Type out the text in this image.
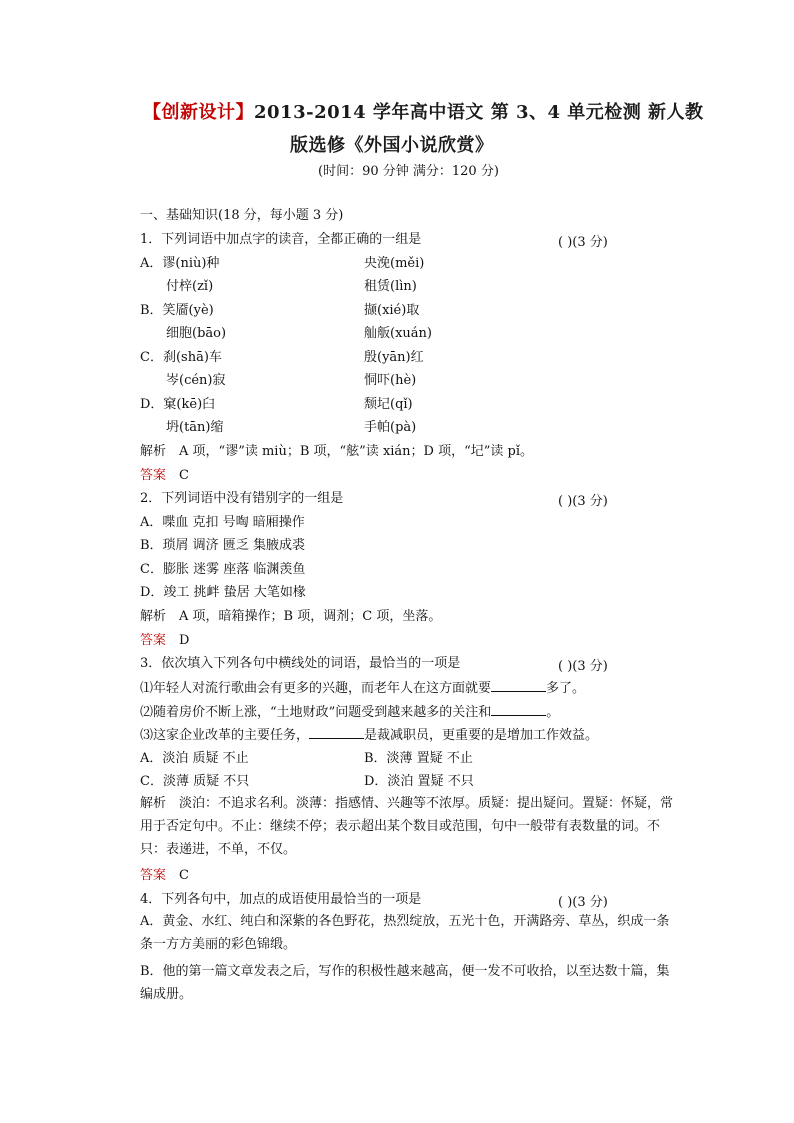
【创新设计】2013-2014 学年高中语文 第 3、4 单元检测 新人教
版选修《外国小说欣赏》
(时间：90 分钟 满分：120 分)
一、基础知识(18 分，每小题 3 分)
1．下列词语中加点字的读音，全都正确的一组是	( )(3 分)
A．谬(niù)种	央浼(měi)
付梓(zǐ)	租赁(lìn)
B．笑靥(yè)	撷(xié)取
细胞(bāo)	舢舨(xuán)
C．刹(shā)车	殷(yān)红
岑(cén)寂	恫吓(hè)
D．窠(kē)臼	颓圮(qǐ)
坍(tān)缩	手帕(pà)
解析　 A 项，“谬”读 miù；B 项，“舷”读 xián；D 项，“圮”读 pǐ。
答案　 C
2．下列词语中没有错别字的一组是	( )(3 分)
A．喋血 克扣 号啕 暗厢操作
B．琐屑 调济 匮乏 集腋成裘
C．膨胀 迷雾 座落 临渊羡鱼
D．竣工 挑衅 蛰居 大笔如椽
解析　 A 项，暗箱操作；B 项，调剂；C 项，坐落。
答案　 D
3．依次填入下列各句中横线处的词语，最恰当的一项是	( )(3 分)
⑴年轻人对流行歌曲会有更多的兴趣，而老年人在这方面就要	多了。
⑵随着房价不断上涨，“土地财政”问题受到越来越多的关注和	。
⑶这家企业改革的主要任务，	是裁减职员，更重要的是增加工作效益。
A．淡泊 质疑 不止	B．淡薄 置疑 不止
C．淡薄 质疑 不只	D．淡泊 置疑 不只
解析　 淡泊：不追求名利。淡薄：指感情、兴趣等不浓厚。质疑：提出疑问。置疑：怀疑，常用于否定句中。不止：继续不停；表示超出某个数目或范围，句中一般带有表数量的词。不只：表递进，不单，不仅。
答案　 C
4．下列各句中，加点的成语使用最恰当的一项是	( )(3 分)
A．黄金、水红、纯白和深紫的各色野花，热烈绽放，五光十色，开满路旁、草丛，织成一条条一方方美丽的彩色锦缎。
B．他的第一篇文章发表之后，写作的积极性越来越高，便一发不可收拾，以至达数十篇，集编成册。
